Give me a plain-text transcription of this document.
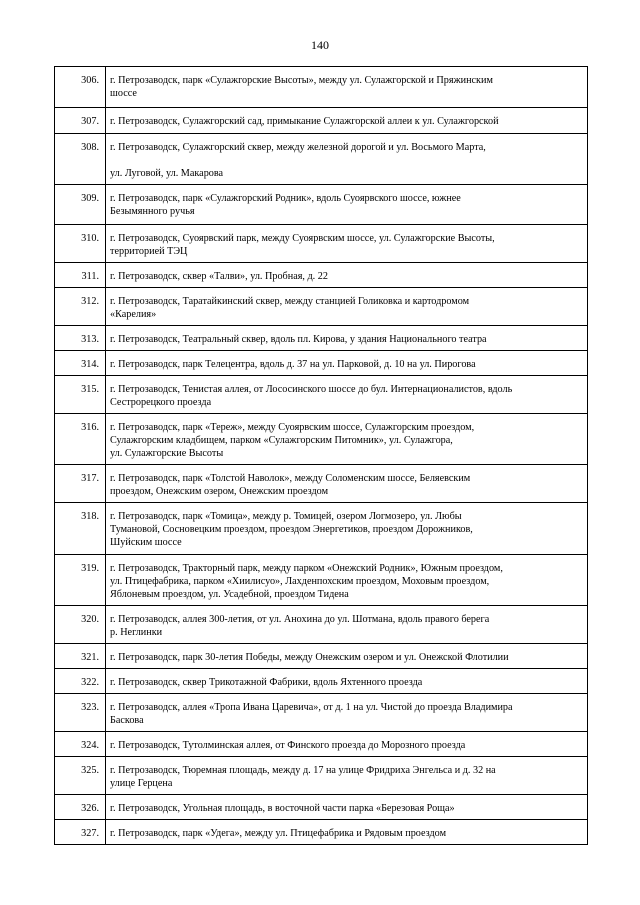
140
306.	г. Петрозаводск, парк «Сулажгорские Высоты», между ул. Сулажгорской и Пряжинским
шоссе
307.	г. Петрозаводск, Сулажгорский сад, примыкание Сулажгорской аллеи к ул. Сулажгорской
308.	г. Петрозаводск, Сулажгорский сквер, между железной дорогой и ул. Восьмого Марта,

ул. Луговой, ул. Макарова
309.	г. Петрозаводск, парк «Сулажгорский Родник», вдоль Суоярвского шоссе, южнее
Безымянного ручья
310.	г. Петрозаводск, Суоярвский парк, между Суоярвским шоссе, ул. Сулажгорские Высоты,
территорией ТЭЦ
311.	г. Петрозаводск, сквер «Талви», ул. Пробная, д. 22
312.	г. Петрозаводск, Таратайкинский сквер, между станцией Голиковка и картодромом
«Карелия»
313.	г. Петрозаводск, Театральный сквер, вдоль пл. Кирова, у здания Национального театра
314.	г. Петрозаводск, парк Телецентра, вдоль д. 37 на ул. Парковой, д. 10 на ул. Пирогова
315.	г. Петрозаводск, Тенистая аллея, от Лососинского шоссе до бул. Интернационалистов, вдоль
Сестрорецкого проезда
316.	г. Петрозаводск, парк «Тереж», между Суоярвским шоссе, Сулажгорским проездом,
Сулажгорским кладбищем, парком «Сулажгорским Питомник», ул. Сулажгора,
ул. Сулажгорские Высоты
317.	г. Петрозаводск, парк «Толстой Наволок», между Соломенским шоссе, Беляевским
проездом, Онежским озером, Онежским проездом
318.	г. Петрозаводск, парк «Томица», между р. Томицей, озером Логмозеро, ул. Любы
Тумановой, Сосновецким проездом, проездом Энергетиков, проездом Дорожников,
Шуйским шоссе
319.	г. Петрозаводск, Тракторный парк, между парком «Онежский Родник», Южным проездом,
ул. Птицефабрика, парком «Хиилисуо», Лахденпохским проездом, Моховым проездом,
Яблоневым проездом, ул. Усадебной, проездом Тидена
320.	г. Петрозаводск, аллея 300-летия, от ул. Анохина до ул. Шотмана, вдоль правого берега
р. Неглинки
321.	г. Петрозаводск, парк 30-летия Победы, между Онежским озером и ул. Онежской Флотилии
322.	г. Петрозаводск, сквер Трикотажной Фабрики, вдоль Яхтенного проезда
323.	г. Петрозаводск, аллея «Тропа Ивана Царевича», от д. 1 на ул. Чистой до проезда Владимира
Баскова
324.	г. Петрозаводск, Тутолминская аллея, от Финского проезда до Морозного проезда
325.	г. Петрозаводск, Тюремная площадь, между д. 17 на улице Фридриха Энгельса и д. 32 на
улице Герцена
326.	г. Петрозаводск, Угольная площадь, в восточной части парка «Березовая Роща»
327.	г. Петрозаводск, парк «Удега», между ул. Птицефабрика и Рядовым проездом
